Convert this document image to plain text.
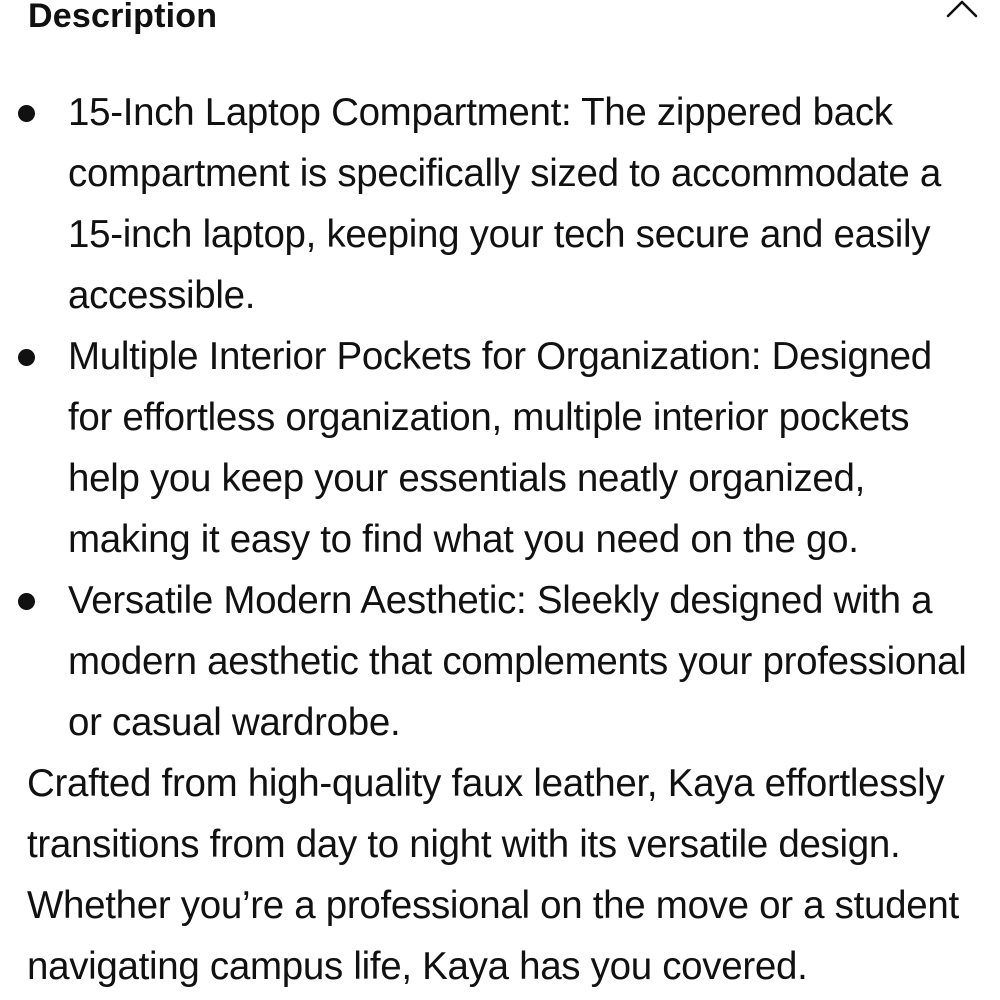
Description
15-Inch Laptop Compartment: The zippered back compartment is specifically sized to accommodate a 15-inch laptop, keeping your tech secure and easily accessible.
Multiple Interior Pockets for Organization: Designed for effortless organization, multiple interior pockets help you keep your essentials neatly organized, making it easy to find what you need on the go.
Versatile Modern Aesthetic: Sleekly designed with a modern aesthetic that complements your professional or casual wardrobe.

Crafted from high-quality faux leather, Kaya effortlessly transitions from day to night with its versatile design. Whether you’re a professional on the move or a student navigating campus life, Kaya has you covered.
